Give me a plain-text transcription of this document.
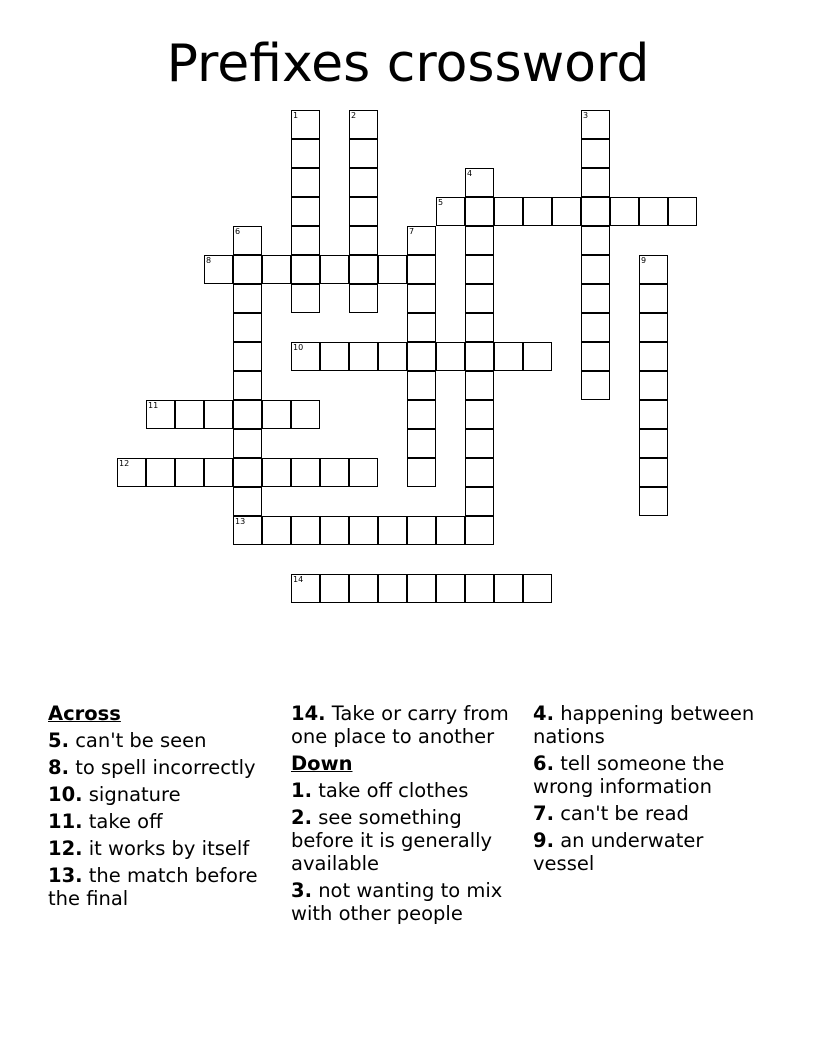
Prefixes crossword
1	2	3
4
5
6
13
7
8	9
10
11
12
14
Across
5. can't be seen
8. to spell incorrectly
10. signature
11. take off
12. it works by itself
13. the match before the final
14. Take or carry from one place to another
Down
1. take off clothes
2. see something before it is generally available
3. not wanting to mix with other people
4. happening between nations
6. tell someone the wrong information
7. can't be read
9. an underwater vessel
